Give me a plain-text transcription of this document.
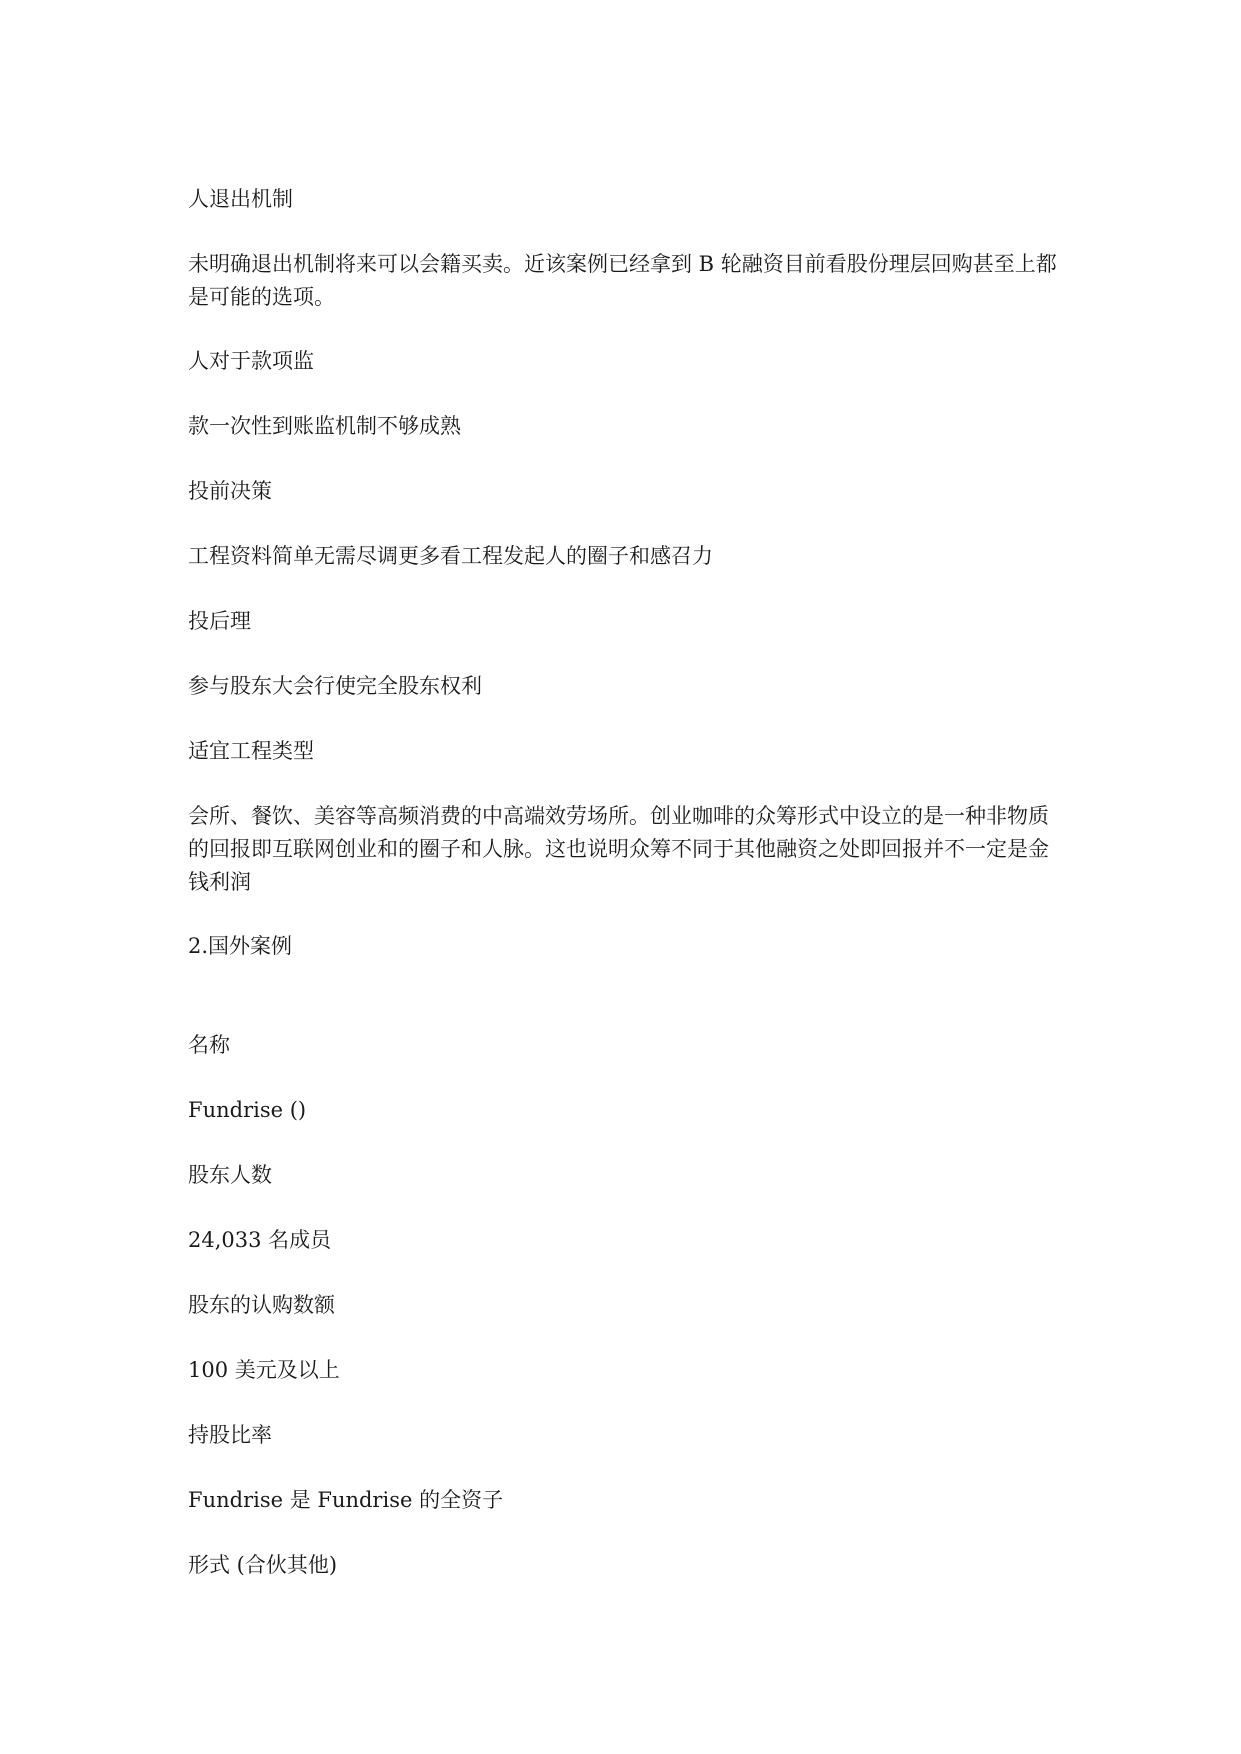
人退出机制

未明确退出机制将来可以会籍买卖。近该案例已经拿到 B 轮融资目前看股份理层回购甚至上都是可能的选项。

人对于款项监

款一次性到账监机制不够成熟

投前决策

工程资料简单无需尽调更多看工程发起人的圈子和感召力

投后理

参与股东大会行使完全股东权利

适宜工程类型

会所、餐饮、美容等高频消费的中高端效劳场所。创业咖啡的众筹形式中设立的是一种非物质的回报即互联网创业和的圈子和人脉。这也说明众筹不同于其他融资之处即回报并不一定是金钱利润

2.国外案例

名称

Fundrise ()

股东人数

24,033 名成员

股东的认购数额

100 美元及以上

持股比率

Fundrise 是 Fundrise 的全资子

形式 (合伙其他)
